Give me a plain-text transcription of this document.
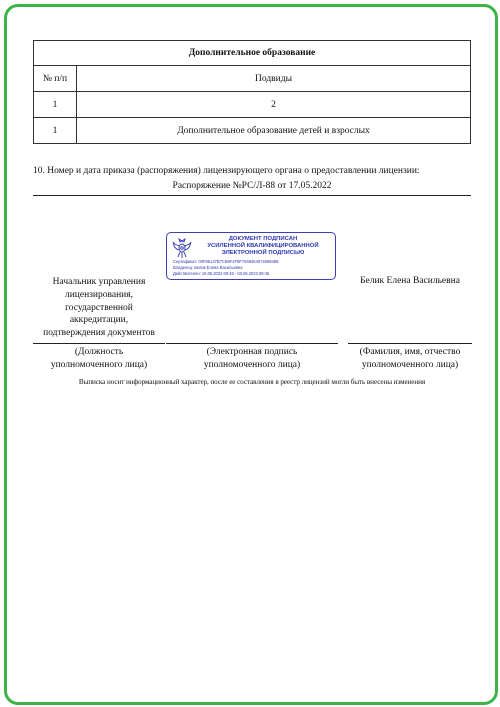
Дополнительное образование	
№ п/п	Подвиды
1	2
1	Дополнительное образование детей и взрослых
10. Номер и дата приказа (распоряжения) лицензирующего органа о предоставлении лицензии:
Распоряжение №РС/Л-88 от 17.05.2022
Начальник управления
лицензирования,
государственной
аккредитации,
подтверждения документов
ДОКУМЕНТ ПОДПИСАН
УСИЛЕННОЙ КВАЛИФИЦИРОВАННОЙ
ЭЛЕКТРОННОЙ ПОДПИСЬЮ
Сертификат: 00F86137B7CB6F4F8F7849464074698489
Владелец: Белик Елена Васильевна
Действителен: 10.05.2022 09:45 - 03.06.2023 09:45
Белик Елена Васильевна
(Должность
уполномоченного лица)
(Электронная подпись
уполномоченного лица)
(Фамилия, имя, отчество
уполномоченного лица)
Выписка носит информационный характер, после ее составления в реестр лицензий могли быть внесены изменения
